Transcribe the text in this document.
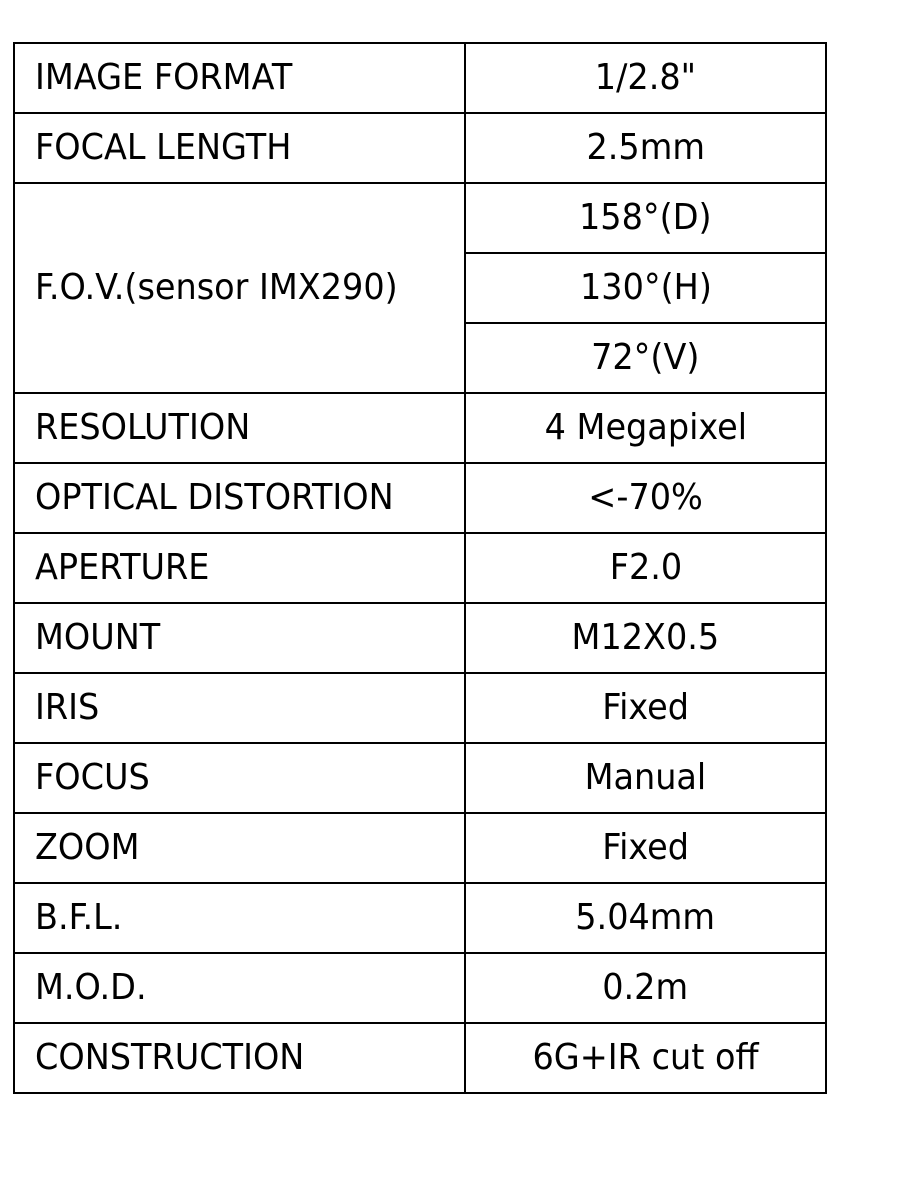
IMAGE FORMAT	1/2.8"
FOCAL LENGTH	2.5mm
F.O.V.(sensor IMX290)	158°(D)
	130°(H)
	72°(V)
RESOLUTION	4 Megapixel
OPTICAL DISTORTION	<-70%
APERTURE	F2.0
MOUNT	M12X0.5
IRIS	Fixed
FOCUS	Manual
ZOOM	Fixed
B.F.L.	5.04mm
M.O.D.	0.2m
CONSTRUCTION	6G+IR cut off
